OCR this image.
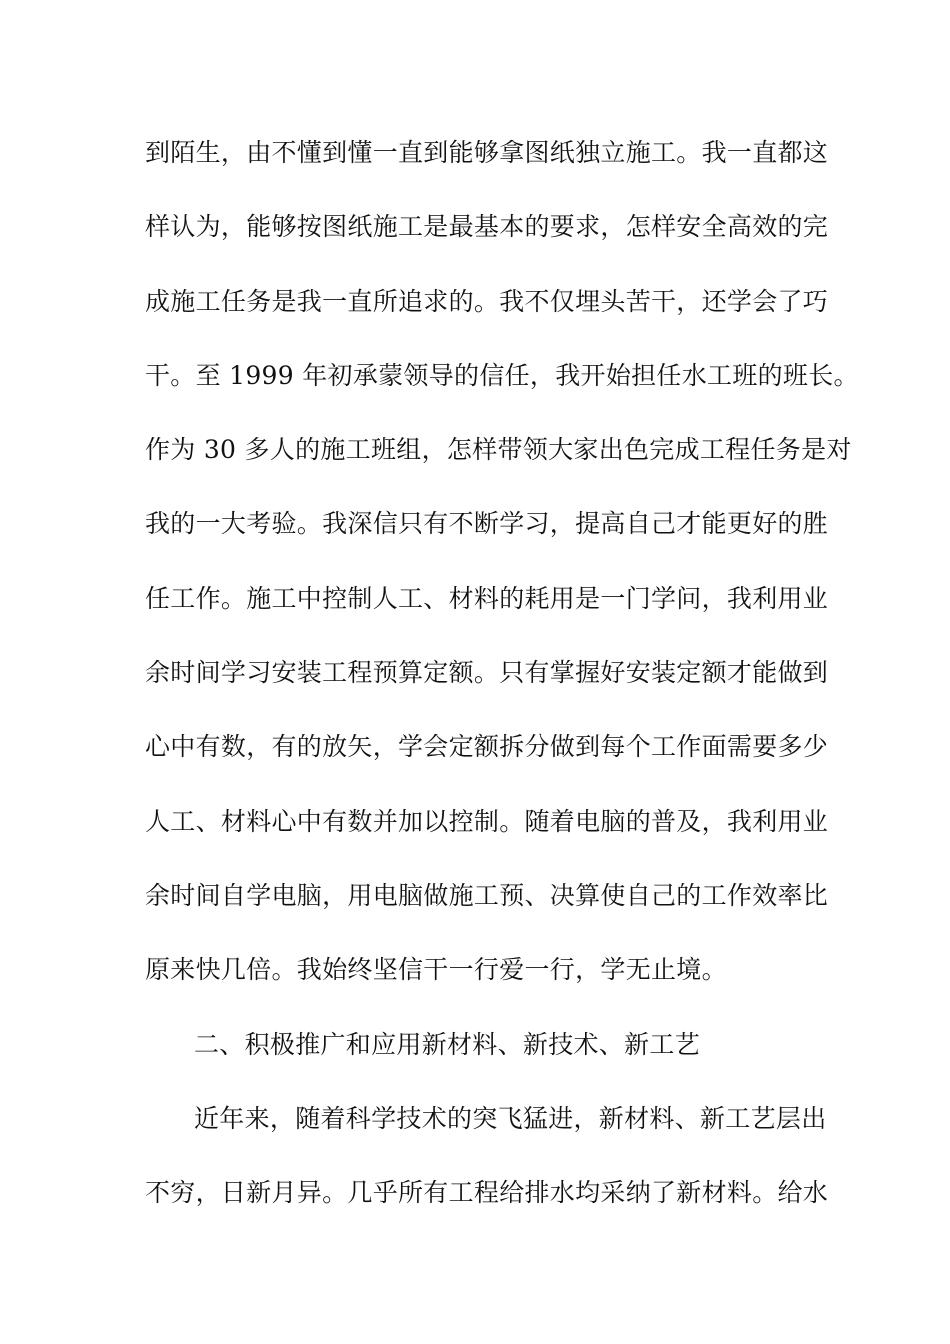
到陌生，由不懂到懂一直到能够拿图纸独立施工。我一直都这
样认为，能够按图纸施工是最基本的要求，怎样安全高效的完
成施工任务是我一直所追求的。我不仅埋头苦干，还学会了巧
干。至 1999 年初承蒙领导的信任，我开始担任水工班的班长。
作为 30 多人的施工班组，怎样带领大家出色完成工程任务是对
我的一大考验。我深信只有不断学习，提高自己才能更好的胜
任工作。施工中控制人工、材料的耗用是一门学问，我利用业
余时间学习安装工程预算定额。只有掌握好安装定额才能做到
心中有数，有的放矢，学会定额拆分做到每个工作面需要多少
人工、材料心中有数并加以控制。随着电脑的普及，我利用业
余时间自学电脑，用电脑做施工预、决算使自己的工作效率比
原来快几倍。我始终坚信干一行爱一行，学无止境。
二、积极推广和应用新材料、新技术、新工艺
近年来，随着科学技术的突飞猛进，新材料、新工艺层出
不穷，日新月异。几乎所有工程给排水均采纳了新材料。给水
